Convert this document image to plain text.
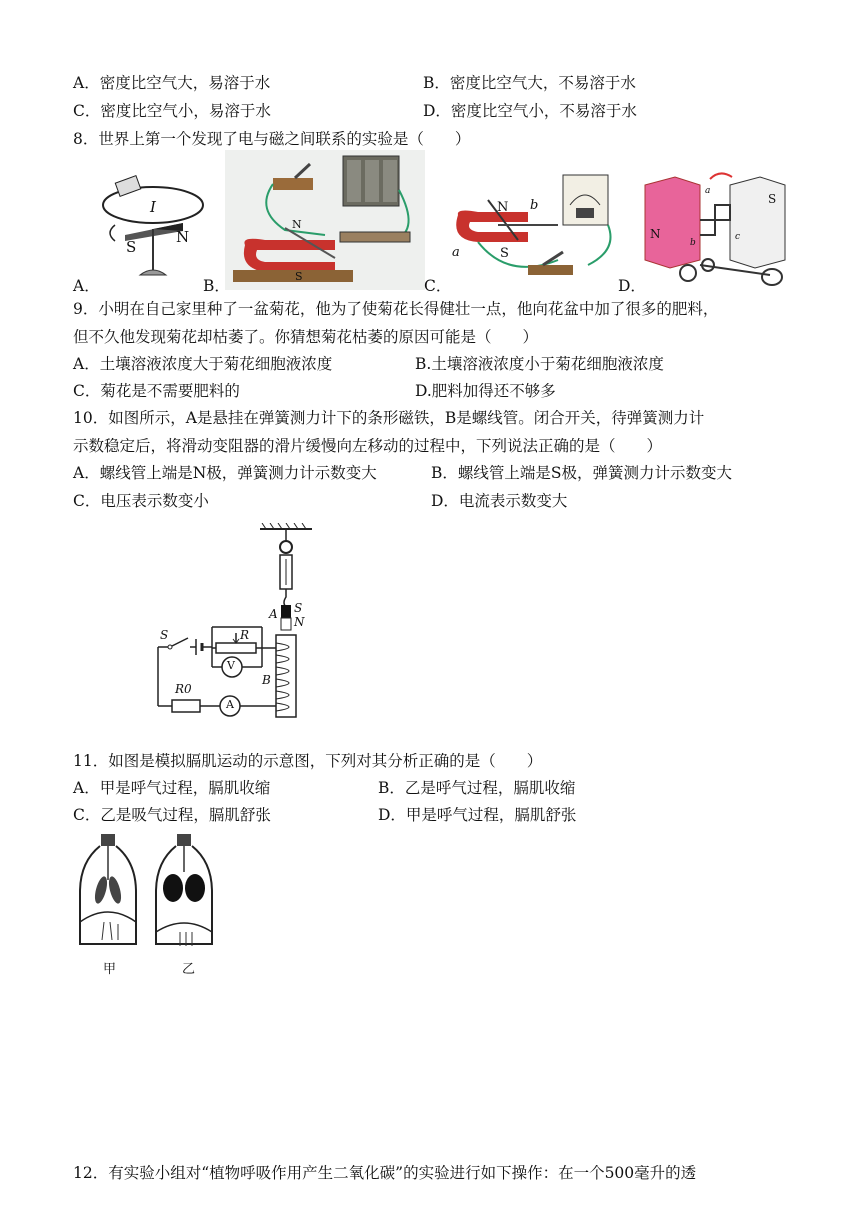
A．密度比空气大，易溶于水	B．密度比空气大，不易溶于水
C．密度比空气小，易溶于水	D．密度比空气小，不易溶于水
8．世界上第一个发现了电与磁之间联系的实验是（　　）
I
S
N
N
S
N
S
a
b
N
S
a
b
c
A．	B．	C．	D．
9．小明在自己家里种了一盆菊花，他为了使菊花长得健壮一点，他向花盆中加了很多的肥料，
但不久他发现菊花却枯萎了。你猜想菊花枯萎的原因可能是（　　）
A．土壤溶液浓度大于菊花细胞液浓度	B.土壤溶液浓度小于菊花细胞液浓度
C．菊花是不需要肥料的	D.肥料加得还不够多
10．如图所示，A是悬挂在弹簧测力计下的条形磁铁，B是螺线管。闭合开关，待弹簧测力计
示数稳定后，将滑动变阻器的滑片缓慢向左移动的过程中，下列说法正确的是（　　）
A．螺线管上端是N极，弹簧测力计示数变大	B．螺线管上端是S极，弹簧测力计示数变大
C．电压表示数变小	D．电流表示数变大
A S
N
S	R
V
B
R0
A
11．如图是模拟膈肌运动的示意图，下列对其分析正确的是（　　）
A．甲是呼气过程，膈肌收缩	B．乙是呼气过程，膈肌收缩
C．乙是吸气过程，膈肌舒张	D．甲是呼气过程，膈肌舒张
甲	乙
12．有实验小组对“植物呼吸作用产生二氧化碳”的实验进行如下操作：在一个500毫升的透
